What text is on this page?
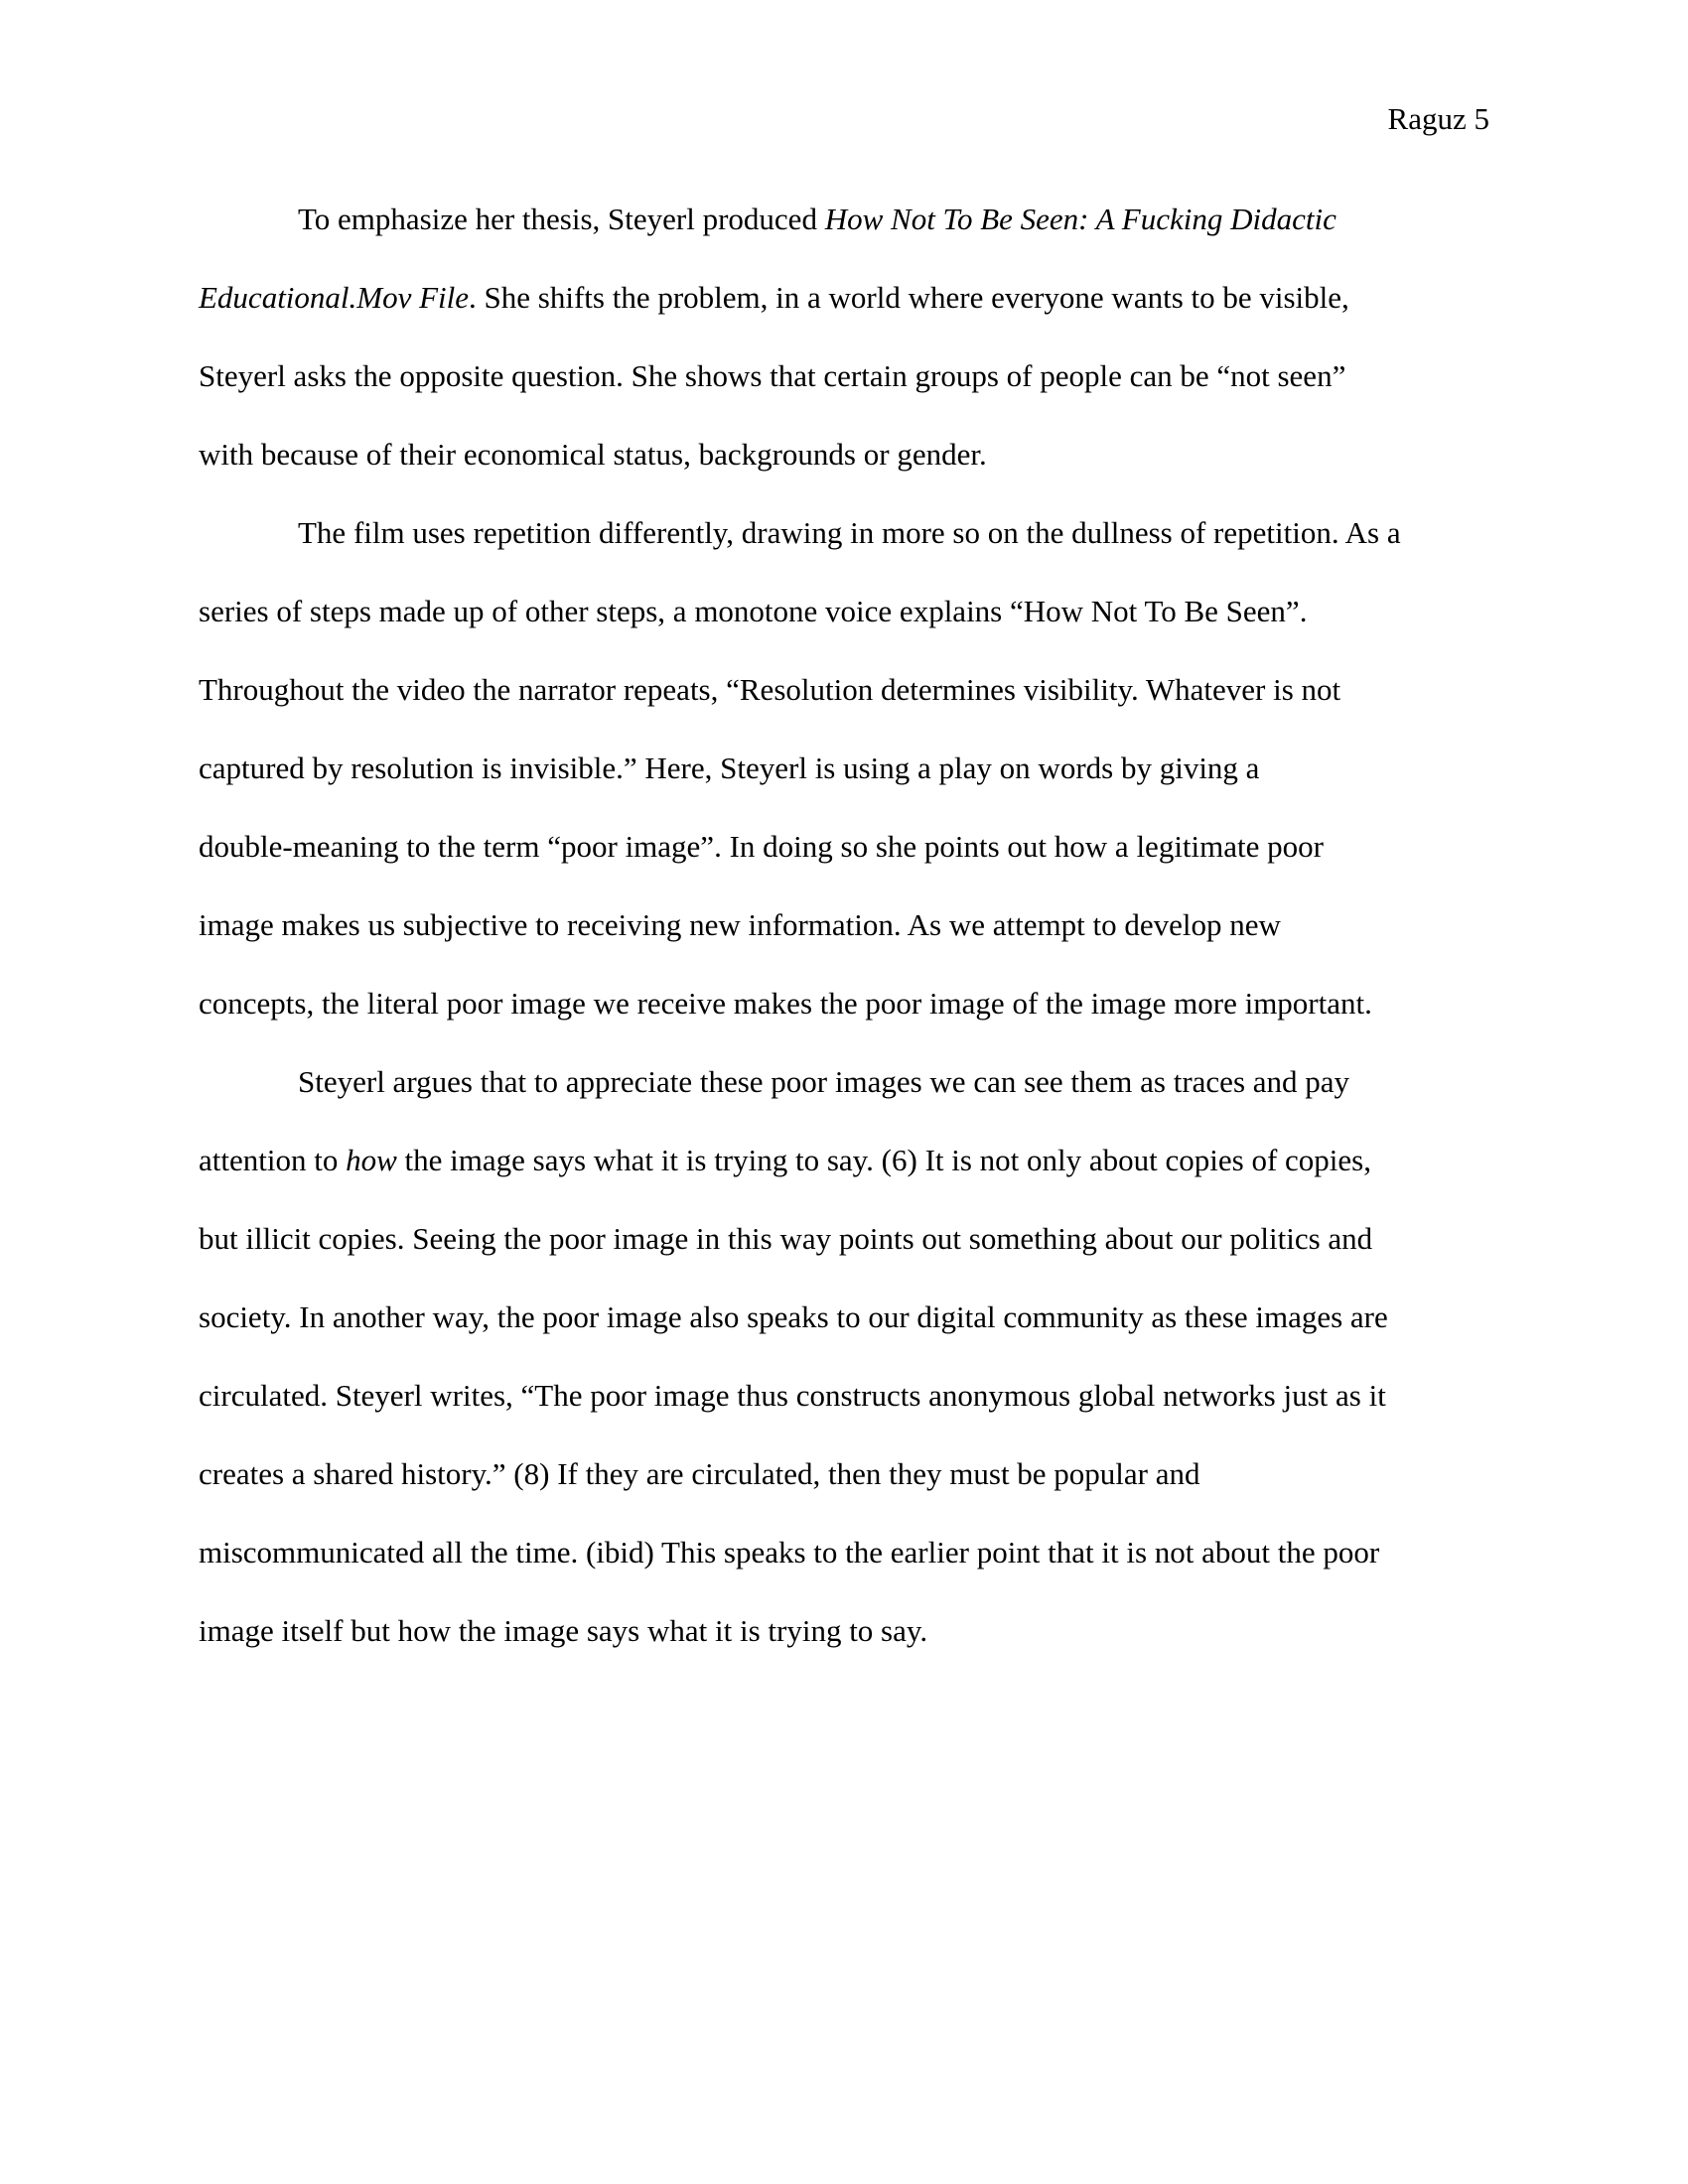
Raguz 5
To emphasize her thesis, Steyerl produced How Not To Be Seen: A Fucking Didactic
Educational.Mov File. She shifts the problem, in a world where everyone wants to be visible,
Steyerl asks the opposite question. She shows that certain groups of people can be “not seen”
with because of their economical status, backgrounds or gender.
The film uses repetition differently, drawing in more so on the dullness of repetition. As a
series of steps made up of other steps, a monotone voice explains “How Not To Be Seen”.
Throughout the video the narrator repeats, “Resolution determines visibility. Whatever is not
captured by resolution is invisible.” Here, Steyerl is using a play on words by giving a
double-meaning to the term “poor image”. In doing so she points out how a legitimate poor
image makes us subjective to receiving new information. As we attempt to develop new
concepts, the literal poor image we receive makes the poor image of the image more important.
Steyerl argues that to appreciate these poor images we can see them as traces and pay
attention to how the image says what it is trying to say. (6) It is not only about copies of copies,
but illicit copies. Seeing the poor image in this way points out something about our politics and
society. In another way, the poor image also speaks to our digital community as these images are
circulated. Steyerl writes, “The poor image thus constructs anonymous global networks just as it
creates a shared history.” (8) If they are circulated, then they must be popular and
miscommunicated all the time. (ibid) This speaks to the earlier point that it is not about the poor
image itself but how the image says what it is trying to say.
